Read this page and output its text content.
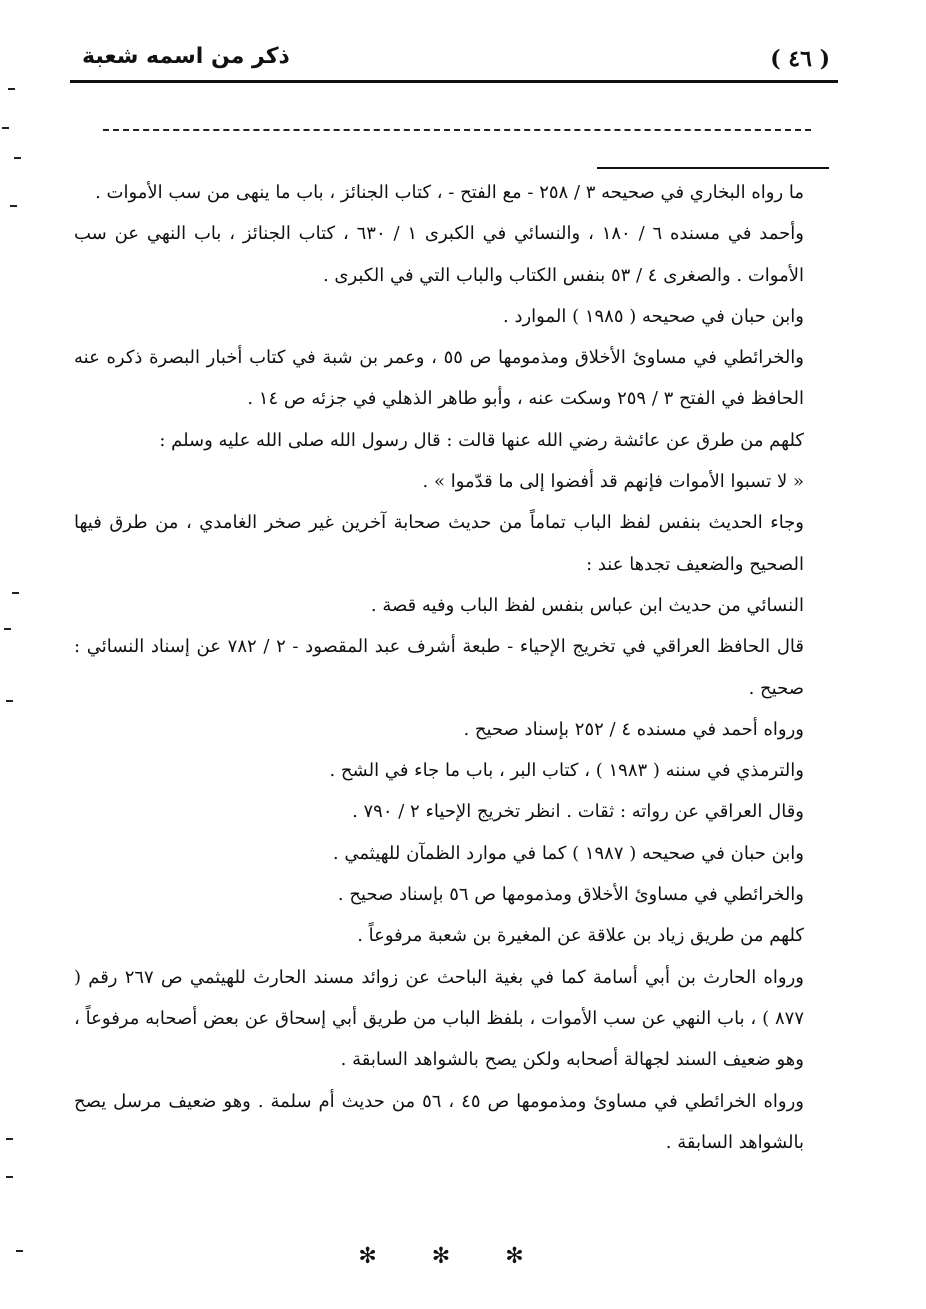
( ٤٦ )
ذكر من اسمه شعبة

ما رواه البخاري في صحيحه ٣ / ٢٥٨ - مع الفتح - ، كتاب الجنائز ، باب ما ينهى من سب الأموات .

وأحمد في مسنده ٦ / ١٨٠ ، والنسائي في الكبرى ١ / ٦٣٠ ، كتاب الجنائز ، باب النهي عن سب الأموات . والصغرى ٤ / ٥٣ بنفس الكتاب والباب التي في الكبرى .

وابن حبان في صحيحه ( ١٩٨٥ ) الموارد .

والخرائطي في مساوئ الأخلاق ومذمومها ص ٥٥ ، وعمر بن شبة في كتاب أخبار البصرة ذكره عنه الحافظ في الفتح ٣ / ٢٥٩ وسكت عنه ، وأبو طاهر الذهلي في جزئه ص ١٤ .

كلهم من طرق عن عائشة رضي الله عنها قالت : قال رسول الله صلى الله عليه وسلم :

« لا تسبوا الأموات فإنهم قد أفضوا إلى ما قدّموا » .

وجاء الحديث بنفس لفظ الباب تماماً من حديث صحابة آخرين غير صخر الغامدي ، من طرق فيها الصحيح والضعيف تجدها عند :

النسائي من حديث ابن عباس بنفس لفظ الباب وفيه قصة .

قال الحافظ العراقي في تخريج الإحياء - طبعة أشرف عبد المقصود - ٢ / ٧٨٢ عن إسناد النسائي : صحيح .

ورواه أحمد في مسنده ٤ / ٢٥٢ بإسناد صحيح .

والترمذي في سننه ( ١٩٨٣ ) ، كتاب البر ، باب ما جاء في الشح .

وقال العراقي عن رواته : ثقات . انظر تخريج الإحياء ٢ / ٧٩٠ .

وابن حبان في صحيحه ( ١٩٨٧ ) كما في موارد الظمآن للهيثمي .

والخرائطي في مساوئ الأخلاق ومذمومها ص ٥٦ بإسناد صحيح .

كلهم من طريق زياد بن علاقة عن المغيرة بن شعبة مرفوعاً .

ورواه الحارث بن أبي أسامة كما في بغية الباحث عن زوائد مسند الحارث للهيثمي ص ٢٦٧ رقم ( ٨٧٧ ) ، باب النهي عن سب الأموات ، بلفظ الباب من طريق أبي إسحاق عن بعض أصحابه مرفوعاً ، وهو ضعيف السند لجهالة أصحابه ولكن يصح بالشواهد السابقة .

ورواه الخرائطي في مساوئ ومذمومها ص ٤٥ ، ٥٦ من حديث أم سلمة . وهو ضعيف مرسل يصح بالشواهد السابقة .

✻ ✻ ✻
